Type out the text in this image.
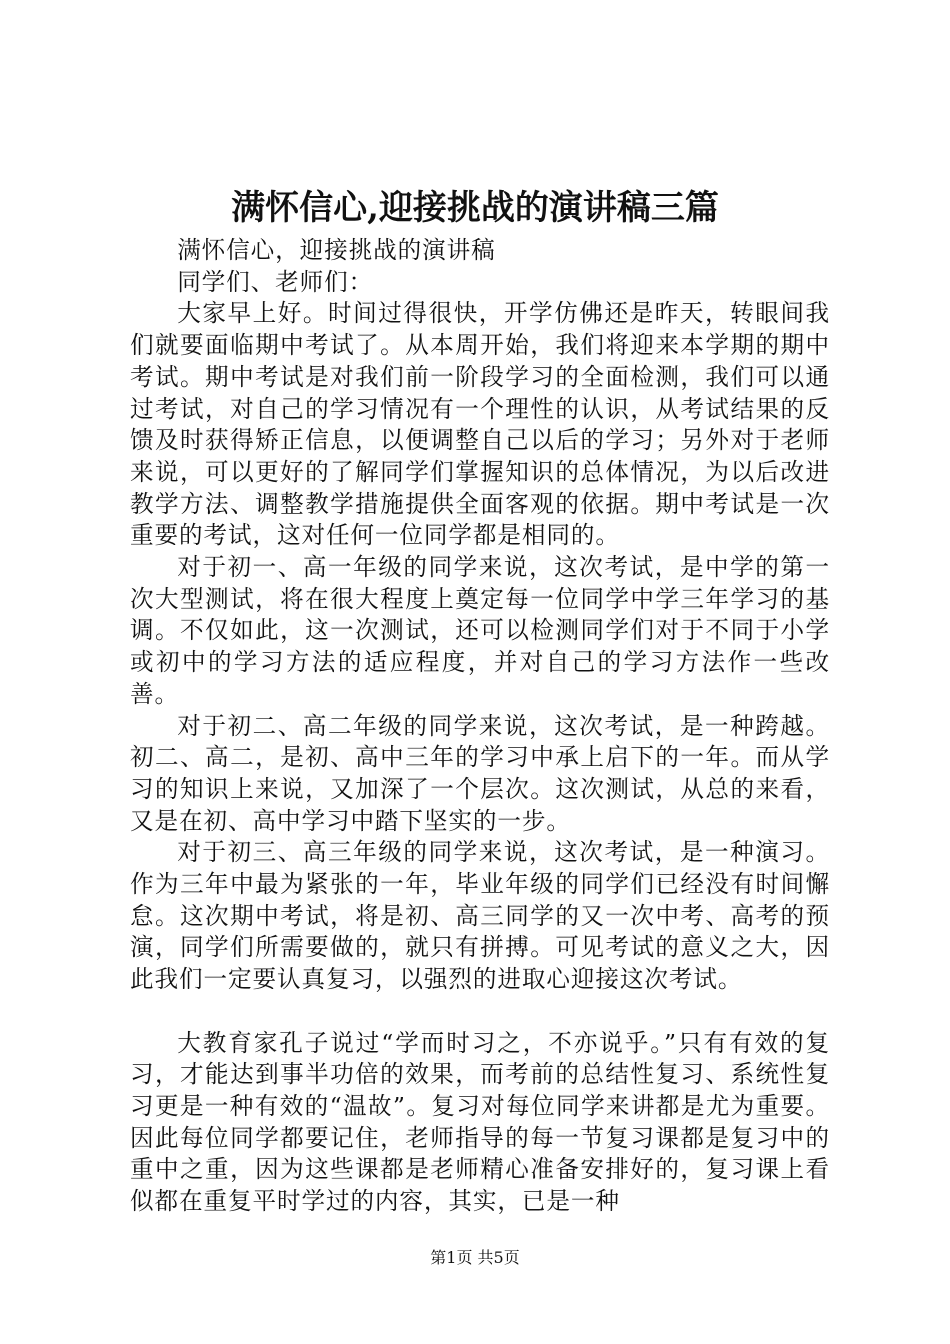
满怀信心,迎接挑战的演讲稿三篇

满怀信心，迎接挑战的演讲稿

同学们、老师们：

大家早上好。时间过得很快，开学仿佛还是昨天，转眼间我们就要面临期中考试了。从本周开始，我们将迎来本学期的期中考试。期中考试是对我们前一阶段学习的全面检测，我们可以通过考试，对自己的学习情况有一个理性的认识，从考试结果的反馈及时获得矫正信息，以便调整自己以后的学习；另外对于老师来说，可以更好的了解同学们掌握知识的总体情况，为以后改进教学方法、调整教学措施提供全面客观的依据。期中考试是一次重要的考试，这对任何一位同学都是相同的。

对于初一、高一年级的同学来说，这次考试，是中学的第一次大型测试，将在很大程度上奠定每一位同学中学三年学习的基调。不仅如此，这一次测试，还可以检测同学们对于不同于小学或初中的学习方法的适应程度，并对自己的学习方法作一些改善。

对于初二、高二年级的同学来说，这次考试，是一种跨越。初二、高二，是初、高中三年的学习中承上启下的一年。而从学习的知识上来说，又加深了一个层次。这次测试，从总的来看，又是在初、高中学习中踏下坚实的一步。

对于初三、高三年级的同学来说，这次考试，是一种演习。作为三年中最为紧张的一年，毕业年级的同学们已经没有时间懈怠。这次期中考试，将是初、高三同学的又一次中考、高考的预演，同学们所需要做的，就只有拼搏。可见考试的意义之大，因此我们一定要认真复习，以强烈的进取心迎接这次考试。

大教育家孔子说过“学而时习之，不亦说乎。”只有有效的复习，才能达到事半功倍的效果，而考前的总结性复习、系统性复习更是一种有效的“温故”。复习对每位同学来讲都是尤为重要。因此每位同学都要记住，老师指导的每一节复习课都是复习中的重中之重，因为这些课都是老师精心准备安排好的，复习课上看似都在重复平时学过的内容，其实，已是一种

第1页 共5页
